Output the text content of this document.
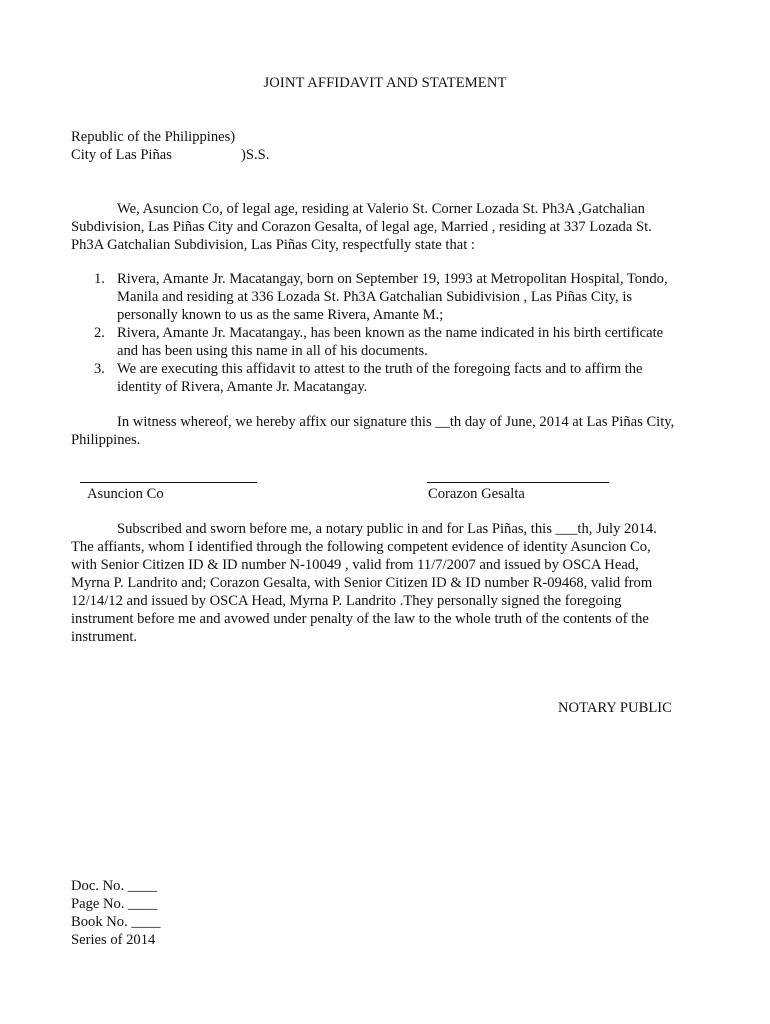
JOINT AFFIDAVIT AND STATEMENT
Republic of the Philippines)
City of Las Piñas	)S.S.
We, Asuncion Co, of legal age, residing at Valerio St. Corner Lozada St. Ph3A ,Gatchalian
Subdivision, Las Piñas City and Corazon Gesalta, of legal age, Married , residing at 337 Lozada St.
Ph3A Gatchalian Subdivision, Las Piñas City, respectfully state that :
1. Rivera, Amante Jr. Macatangay, born on September 19, 1993 at Metropolitan Hospital, Tondo,
Manila and residing at 336 Lozada St. Ph3A Gatchalian Subidivision , Las Piñas City, is
personally known to us as the same Rivera, Amante M.;
2. Rivera, Amante Jr. Macatangay., has been known as the name indicated in his birth certificate
and has been using this name in all of his documents.
3. We are executing this affidavit to attest to the truth of the foregoing facts and to affirm the
identity of Rivera, Amante Jr. Macatangay.
In witness whereof, we hereby affix our signature this __th day of June, 2014 at Las Piñas City,
Philippines.
Asuncion Co	Corazon Gesalta
Subscribed and sworn before me, a notary public in and for Las Piñas, this ___th, July 2014.
The affiants, whom I identified through the following competent evidence of identity Asuncion Co,
with Senior Citizen ID & ID number N-10049 , valid from 11/7/2007 and issued by OSCA Head,
Myrna P. Landrito and; Corazon Gesalta, with Senior Citizen ID & ID number R-09468, valid from
12/14/12 and issued by OSCA Head, Myrna P. Landrito .They personally signed the foregoing
instrument before me and avowed under penalty of the law to the whole truth of the contents of the
instrument.
NOTARY PUBLIC
Doc. No. ____
Page No. ____
Book No. ____
Series of 2014
